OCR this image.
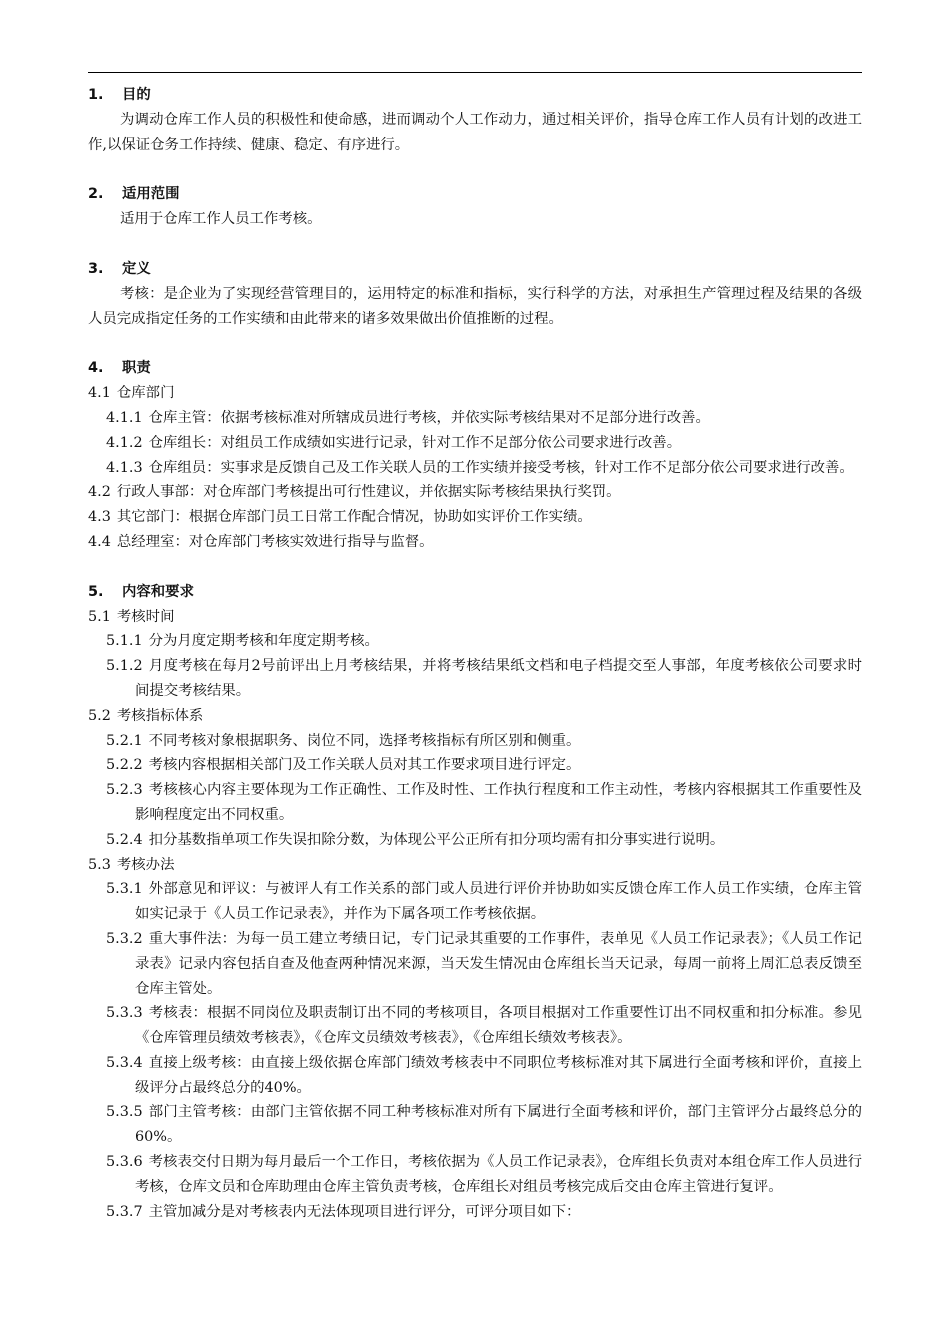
1. 目的

为调动仓库工作人员的积极性和使命感，进而调动个人工作动力，通过相关评价，指导仓库工作人员有计划的改进工作,以保证仓务工作持续、健康、稳定、有序进行。

2. 适用范围

适用于仓库工作人员工作考核。

3. 定义

考核：是企业为了实现经营管理目的，运用特定的标准和指标，实行科学的方法，对承担生产管理过程及结果的各级人员完成指定任务的工作实绩和由此带来的诸多效果做出价值推断的过程。

4. 职责

4.1 仓库部门

4.1.1 仓库主管：依据考核标准对所辖成员进行考核，并依实际考核结果对不足部分进行改善。

4.1.2 仓库组长：对组员工作成绩如实进行记录，针对工作不足部分依公司要求进行改善。

4.1.3 仓库组员：实事求是反馈自己及工作关联人员的工作实绩并接受考核，针对工作不足部分依公司要求进行改善。

4.2 行政人事部：对仓库部门考核提出可行性建议，并依据实际考核结果执行奖罚。

4.3 其它部门：根据仓库部门员工日常工作配合情况，协助如实评价工作实绩。

4.4 总经理室：对仓库部门考核实效进行指导与监督。

5. 内容和要求

5.1 考核时间

5.1.1 分为月度定期考核和年度定期考核。

5.1.2 月度考核在每月2号前评出上月考核结果，并将考核结果纸文档和电子档提交至人事部，年度考核依公司要求时间提交考核结果。

5.2 考核指标体系

5.2.1 不同考核对象根据职务、岗位不同，选择考核指标有所区别和侧重。

5.2.2 考核内容根据相关部门及工作关联人员对其工作要求项目进行评定。

5.2.3 考核核心内容主要体现为工作正确性、工作及时性、工作执行程度和工作主动性，考核内容根据其工作重要性及影响程度定出不同权重。

5.2.4 扣分基数指单项工作失误扣除分数，为体现公平公正所有扣分项均需有扣分事实进行说明。

5.3 考核办法

5.3.1 外部意见和评议：与被评人有工作关系的部门或人员进行评价并协助如实反馈仓库工作人员工作实绩，仓库主管如实记录于《人员工作记录表》，并作为下属各项工作考核依据。

5.3.2 重大事件法：为每一员工建立考绩日记，专门记录其重要的工作事件，表单见《人员工作记录表》；《人员工作记录表》记录内容包括自查及他查两种情况来源，当天发生情况由仓库组长当天记录，每周一前将上周汇总表反馈至仓库主管处。

5.3.3 考核表：根据不同岗位及职责制订出不同的考核项目，各项目根据对工作重要性订出不同权重和扣分标准。参见《仓库管理员绩效考核表》，《仓库文员绩效考核表》，《仓库组长绩效考核表》。

5.3.4 直接上级考核：由直接上级依据仓库部门绩效考核表中不同职位考核标准对其下属进行全面考核和评价，直接上级评分占最终总分的40%。

5.3.5 部门主管考核：由部门主管依据不同工种考核标准对所有下属进行全面考核和评价，部门主管评分占最终总分的60%。

5.3.6 考核表交付日期为每月最后一个工作日，考核依据为《人员工作记录表》，仓库组长负责对本组仓库工作人员进行考核，仓库文员和仓库助理由仓库主管负责考核，仓库组长对组员考核完成后交由仓库主管进行复评。

5.3.7 主管加减分是对考核表内无法体现项目进行评分，可评分项目如下：
